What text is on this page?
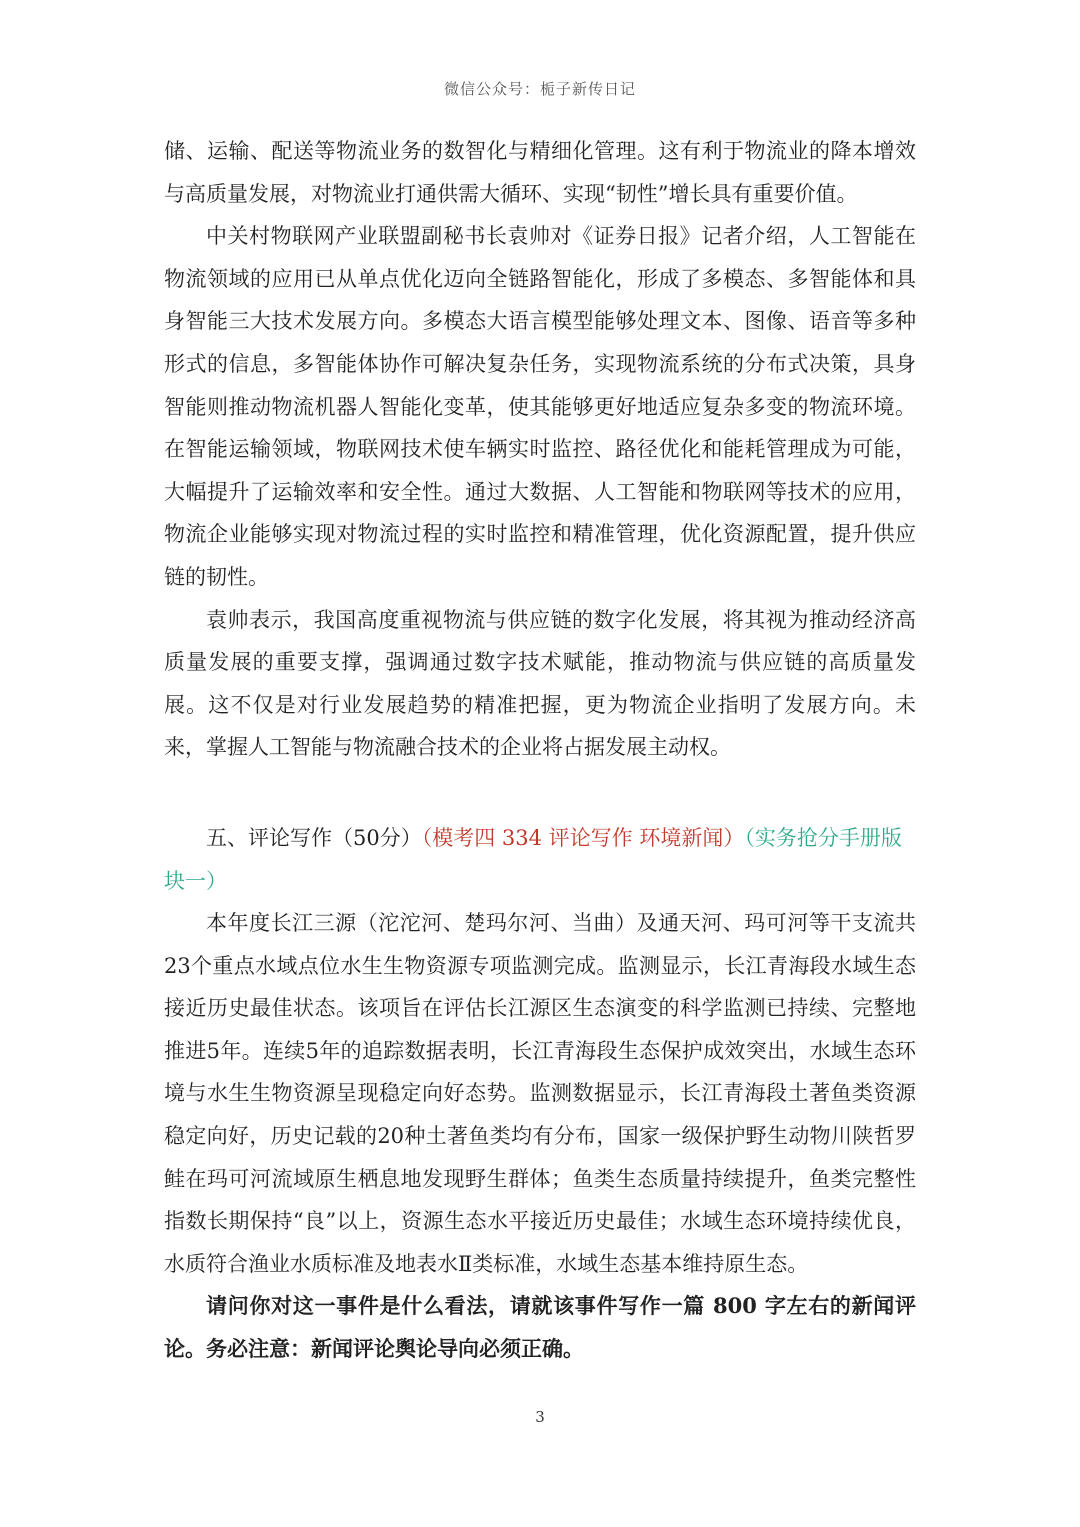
微信公众号：栀子新传日记

储、运输、配送等物流业务的数智化与精细化管理。这有利于物流业的降本增效与高质量发展，对物流业打通供需大循环、实现“韧性”增长具有重要价值。

中关村物联网产业联盟副秘书长袁帅对《证券日报》记者介绍，人工智能在物流领域的应用已从单点优化迈向全链路智能化，形成了多模态、多智能体和具身智能三大技术发展方向。多模态大语言模型能够处理文本、图像、语音等多种形式的信息，多智能体协作可解决复杂任务，实现物流系统的分布式决策，具身智能则推动物流机器人智能化变革，使其能够更好地适应复杂多变的物流环境。在智能运输领域，物联网技术使车辆实时监控、路径优化和能耗管理成为可能，大幅提升了运输效率和安全性。通过大数据、人工智能和物联网等技术的应用，物流企业能够实现对物流过程的实时监控和精准管理，优化资源配置，提升供应链的韧性。

袁帅表示，我国高度重视物流与供应链的数字化发展，将其视为推动经济高质量发展的重要支撑，强调通过数字技术赋能，推动物流与供应链的高质量发展。这不仅是对行业发展趋势的精准把握，更为物流企业指明了发展方向。未来，掌握人工智能与物流融合技术的企业将占据发展主动权。

五、评论写作（50分）（模考四 334 评论写作 环境新闻）（实务抢分手册版块一）

本年度长江三源（沱沱河、楚玛尔河、当曲）及通天河、玛可河等干支流共23个重点水域点位水生生物资源专项监测完成。监测显示，长江青海段水域生态接近历史最佳状态。该项旨在评估长江源区生态演变的科学监测已持续、完整地推进5年。连续5年的追踪数据表明，长江青海段生态保护成效突出，水域生态环境与水生生物资源呈现稳定向好态势。监测数据显示，长江青海段土著鱼类资源稳定向好，历史记载的20种土著鱼类均有分布，国家一级保护野生动物川陕哲罗鲑在玛可河流域原生栖息地发现野生群体；鱼类生态质量持续提升，鱼类完整性指数长期保持“良”以上，资源生态水平接近历史最佳；水域生态环境持续优良，水质符合渔业水质标准及地表水Ⅱ类标准，水域生态基本维持原生态。

请问你对这一事件是什么看法，请就该事件写作一篇 800 字左右的新闻评论。务必注意：新闻评论舆论导向必须正确。

3
